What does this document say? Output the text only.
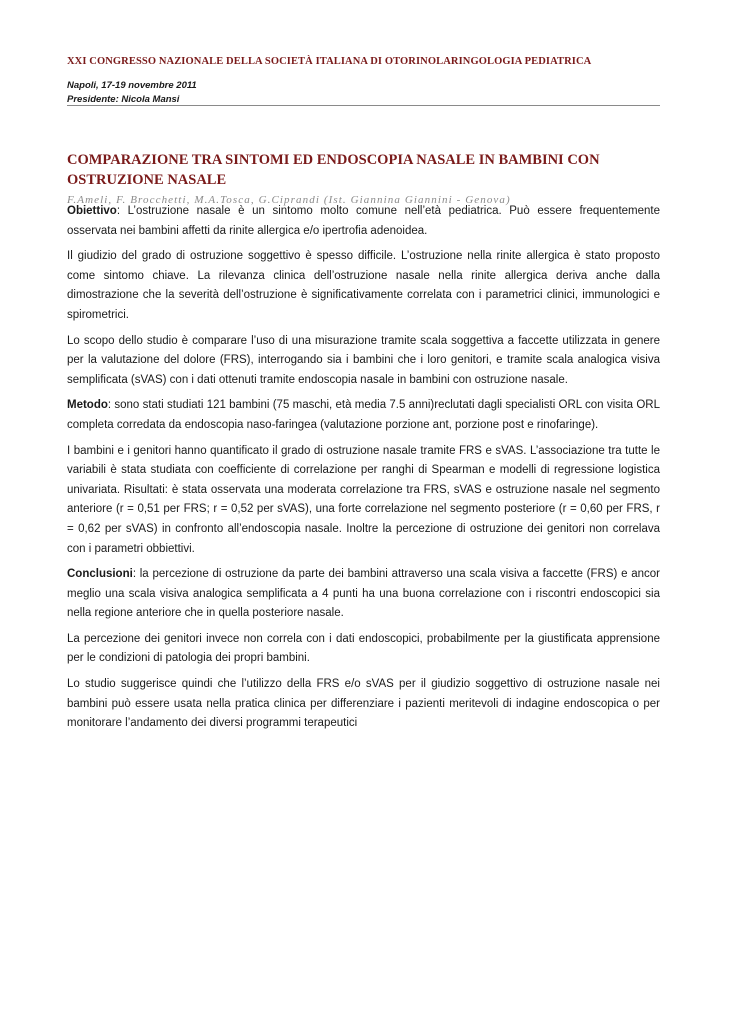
XXI CONGRESSO NAZIONALE DELLA SOCIETÀ ITALIANA DI OTORINOLARINGOLOGIA PEDIATRICA
Napoli, 17-19 novembre 2011
Presidente: Nicola Mansi
COMPARAZIONE TRA SINTOMI ED ENDOSCOPIA NASALE IN BAMBINI CON OSTRUZIONE NASALE
F.Ameli, F. Brocchetti, M.A.Tosca, G.Ciprandi (Ist. Giannina Giannini - Genova)

Obiettivo: L’ostruzione nasale è un sintomo molto comune nell’età pediatrica. Può essere frequentemente osservata nei bambini affetti da rinite allergica e/o ipertrofia adenoidea.

Il giudizio del grado di ostruzione soggettivo è spesso difficile. L’ostruzione nella rinite allergica è stato proposto come sintomo chiave. La rilevanza clinica dell’ostruzione nasale nella rinite allergica deriva anche dalla dimostrazione che la severità dell’ostruzione è significativamente correlata con i parametrici clinici, immunologici e spirometrici.

Lo scopo dello studio è comparare l’uso di una misurazione tramite scala soggettiva a faccette utilizzata in genere per la valutazione del dolore (FRS), interrogando sia i bambini che i loro genitori, e tramite scala analogica visiva semplificata (sVAS) con i dati ottenuti tramite endoscopia nasale in bambini con ostruzione nasale.

Metodo: sono stati studiati 121 bambini (75 maschi, età media 7.5 anni)reclutati dagli specialisti ORL con visita ORL completa corredata da endoscopia naso-faringea (valutazione porzione ant, porzione post e rinofaringe).

I bambini e i genitori hanno quantificato il grado di ostruzione nasale tramite FRS e sVAS. L’associazione tra tutte le variabili è stata studiata con coefficiente di correlazione per ranghi di Spearman e modelli di regressione logistica univariata. Risultati: è stata osservata una moderata correlazione tra FRS, sVAS e ostruzione nasale nel segmento anteriore (r = 0,51 per FRS; r = 0,52 per sVAS), una forte correlazione nel segmento posteriore (r = 0,60 per FRS, r = 0,62 per sVAS) in confronto all’endoscopia nasale. Inoltre la percezione di ostruzione dei genitori non correlava con i parametri obbiettivi.

Conclusioni: la percezione di ostruzione da parte dei bambini attraverso una scala visiva a faccette (FRS) e ancor meglio una scala visiva analogica semplificata a 4 punti ha una buona correlazione con i riscontri endoscopici sia nella regione anteriore che in quella posteriore nasale.

La percezione dei genitori invece non correla con i dati endoscopici, probabilmente per la giustificata apprensione per le condizioni di patologia dei propri bambini.

Lo studio suggerisce quindi che l’utilizzo della FRS e/o sVAS per il giudizio soggettivo di ostruzione nasale nei bambini può essere usata nella pratica clinica per differenziare i pazienti meritevoli di indagine endoscopica o per monitorare l’andamento dei diversi programmi terapeutici
